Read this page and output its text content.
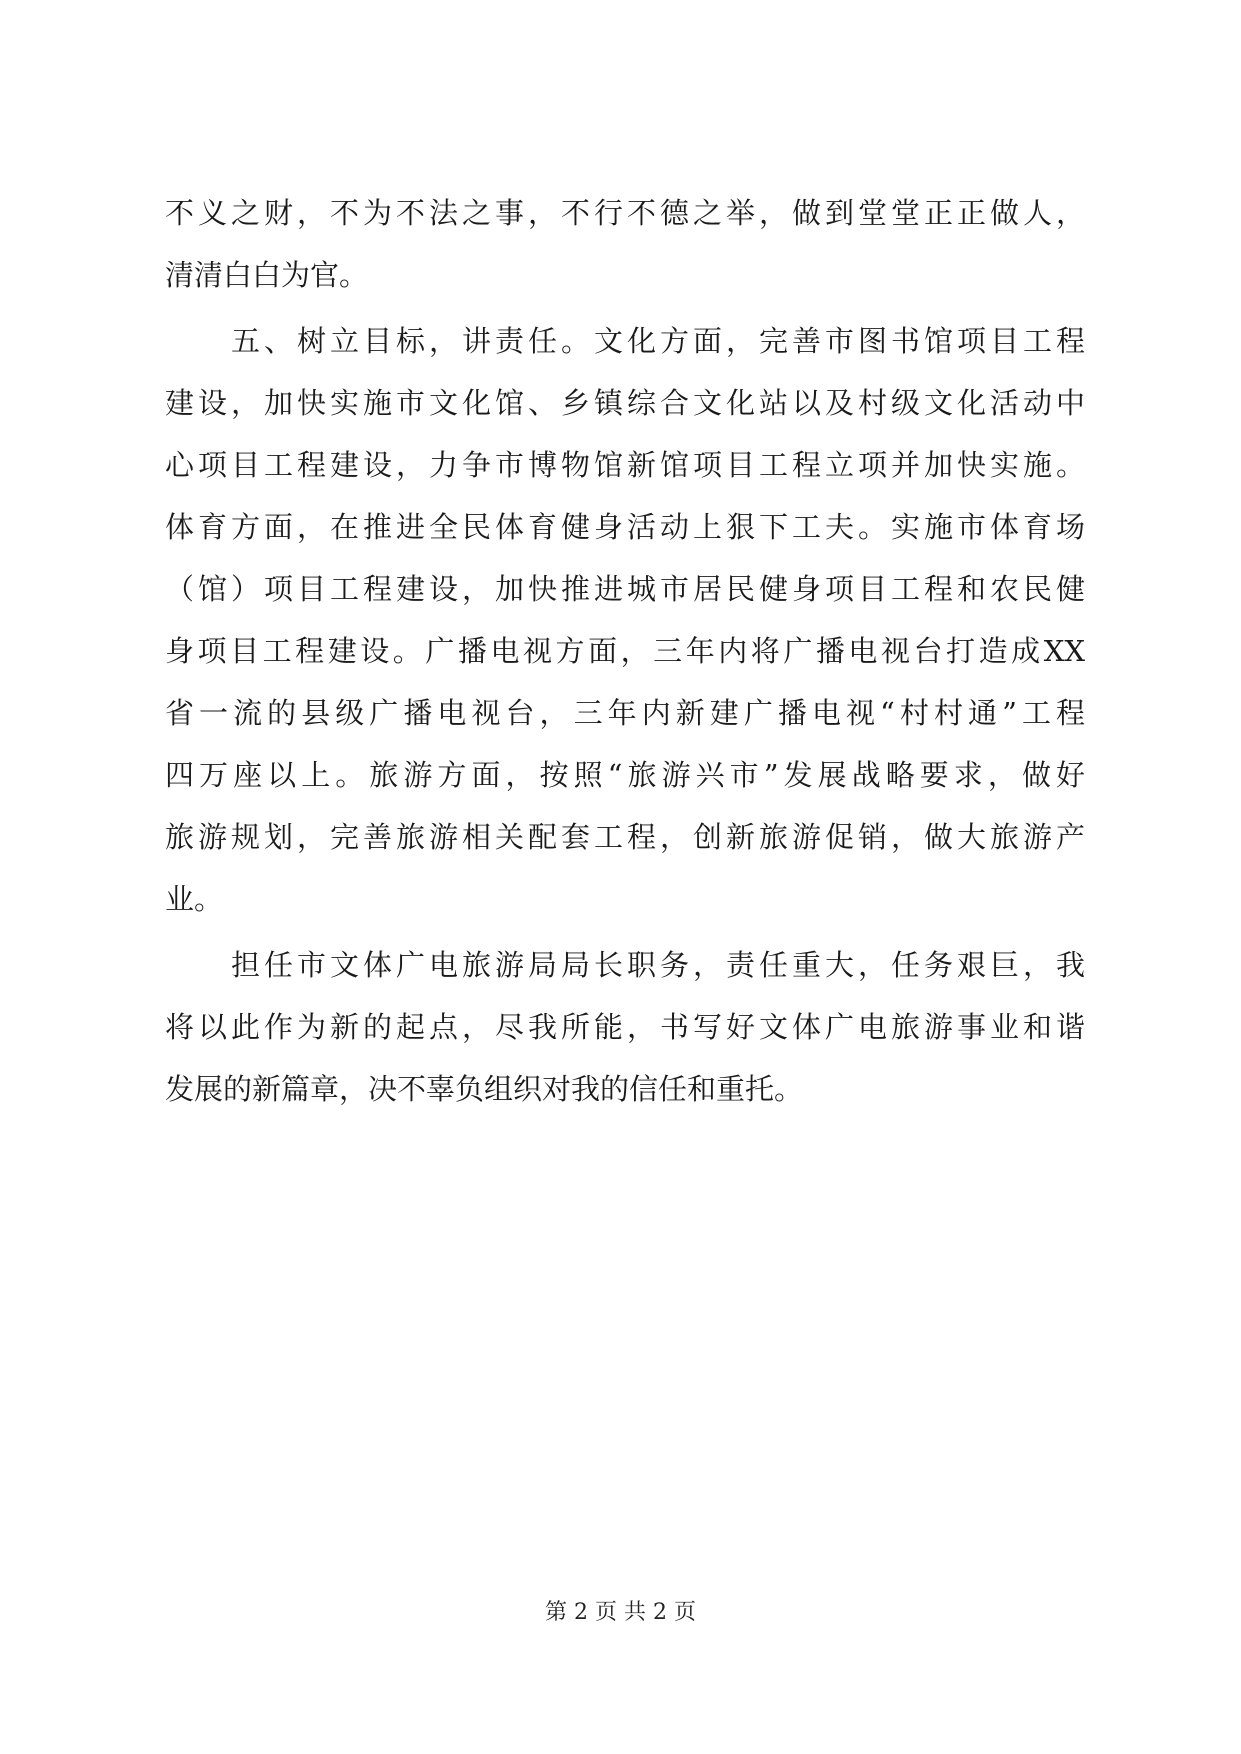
不义之财，不为不法之事，不行不德之举，做到堂堂正正做人，
清清白白为官。
五、树立目标，讲责任。文化方面，完善市图书馆项目工程
建设，加快实施市文化馆、乡镇综合文化站以及村级文化活动中
心项目工程建设，力争市博物馆新馆项目工程立项并加快实施。
体育方面，在推进全民体育健身活动上狠下工夫。实施市体育场
（馆）项目工程建设，加快推进城市居民健身项目工程和农民健
身项目工程建设。广播电视方面，三年内将广播电视台打造成XX
省一流的县级广播电视台，三年内新建广播电视“村村通”工程
四万座以上。旅游方面，按照“旅游兴市”发展战略要求，做好
旅游规划，完善旅游相关配套工程，创新旅游促销，做大旅游产
业。
担任市文体广电旅游局局长职务，责任重大，任务艰巨，我
将以此作为新的起点，尽我所能，书写好文体广电旅游事业和谐
发展的新篇章，决不辜负组织对我的信任和重托。
第 2 页 共 2 页
